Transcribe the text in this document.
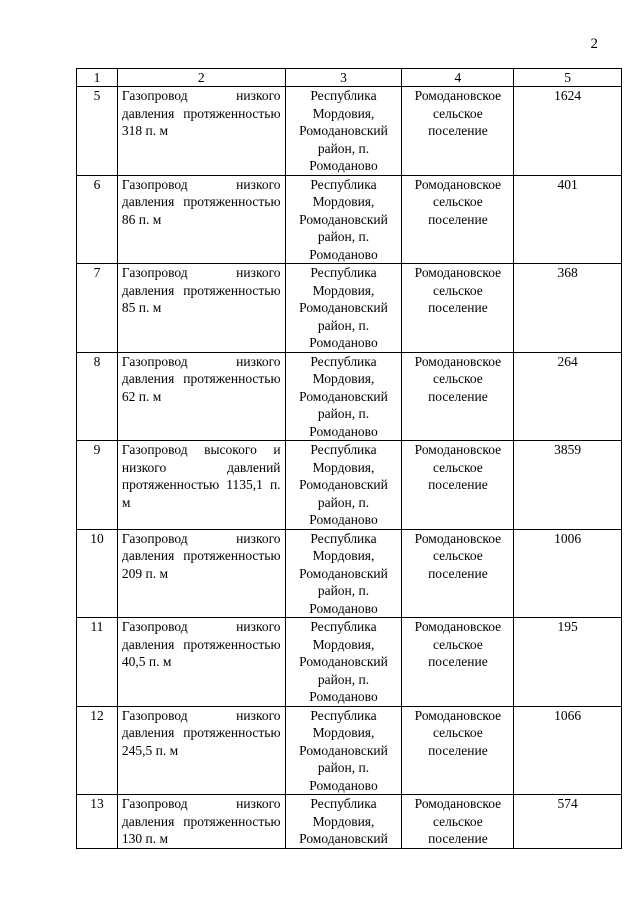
2
1	2	3	4	5
5	Газопровод низкого давления протяженностью 318 п. м	Республика Мордовия, Ромодановский район, п. Ромоданово	Ромодановское сельское поселение	1624
6	Газопровод низкого давления протяженностью 86 п. м	Республика Мордовия, Ромодановский район, п. Ромоданово	Ромодановское сельское поселение	401
7	Газопровод низкого давления протяженностью 85 п. м	Республика Мордовия, Ромодановский район, п. Ромоданово	Ромодановское сельское поселение	368
8	Газопровод низкого давления протяженностью 62 п. м	Республика Мордовия, Ромодановский район, п. Ромоданово	Ромодановское сельское поселение	264
9	Газопровод высокого и низкого давлений протяженностью 1135,1 п. м	Республика Мордовия, Ромодановский район, п. Ромоданово	Ромодановское сельское поселение	3859
10	Газопровод низкого давления протяженностью 209 п. м	Республика Мордовия, Ромодановский район, п. Ромоданово	Ромодановское сельское поселение	1006
11	Газопровод низкого давления протяженностью 40,5 п. м	Республика Мордовия, Ромодановский район, п. Ромоданово	Ромодановское сельское поселение	195
12	Газопровод низкого давления протяженностью 245,5 п. м	Республика Мордовия, Ромодановский район, п. Ромоданово	Ромодановское сельское поселение	1066
13	Газопровод низкого давления протяженностью 130 п. м	Республика Мордовия, Ромодановский	Ромодановское сельское поселение	574
